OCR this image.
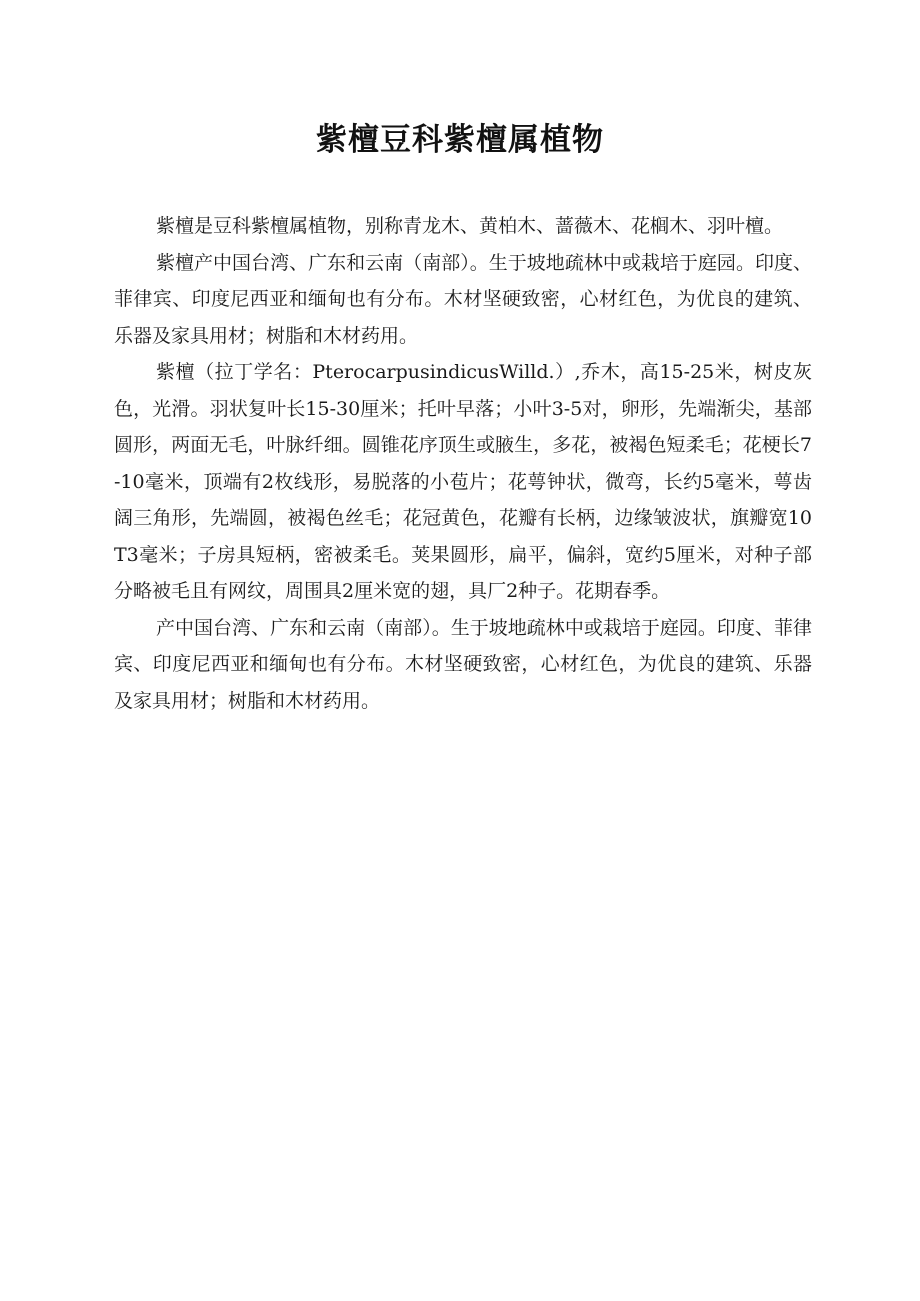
紫檀豆科紫檀属植物

紫檀是豆科紫檀属植物，别称青龙木、黄柏木、蔷薇木、花榈木、羽叶檀。

紫檀产中国台湾、广东和云南（南部）。生于坡地疏林中或栽培于庭园。印度、菲律宾、印度尼西亚和缅甸也有分布。木材坚硬致密，心材红色，为优良的建筑、乐器及家具用材；树脂和木材药用。

紫檀（拉丁学名：PterocarpusindicusWilld.）,乔木，高15-25米，树皮灰色，光滑。羽状复叶长15-30厘米；托叶早落；小叶3-5对，卵形，先端渐尖，基部圆形，两面无毛，叶脉纤细。圆锥花序顶生或腋生，多花，被褐色短柔毛；花梗长7-10毫米，顶端有2枚线形，易脱落的小苞片；花萼钟状，微弯，长约5毫米，萼齿阔三角形，先端圆，被褐色丝毛；花冠黄色，花瓣有长柄，边缘皱波状，旗瓣宽10T3毫米；子房具短柄，密被柔毛。荚果圆形，扁平，偏斜，宽约5厘米，对种子部分略被毛且有网纹，周围具2厘米宽的翅，具厂2种子。花期春季。

产中国台湾、广东和云南（南部）。生于坡地疏林中或栽培于庭园。印度、菲律宾、印度尼西亚和缅甸也有分布。木材坚硬致密，心材红色，为优良的建筑、乐器及家具用材；树脂和木材药用。
